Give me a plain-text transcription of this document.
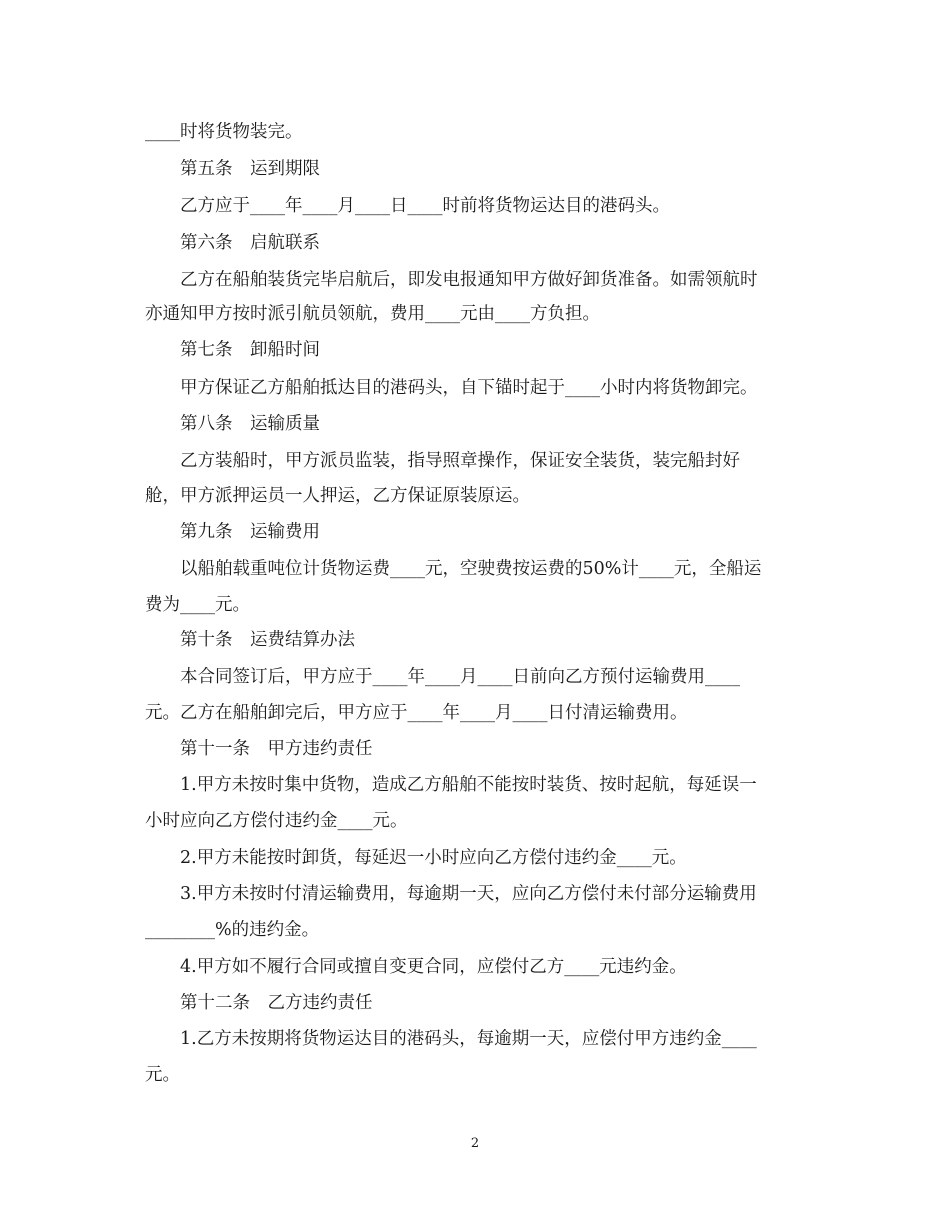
____时将货物装完。

第五条　运到期限

乙方应于____年____月____日____时前将货物运达目的港码头。

第六条　启航联系

乙方在船舶装货完毕启航后，即发电报通知甲方做好卸货准备。如需领航时

亦通知甲方按时派引航员领航，费用____元由____方负担。

第七条　卸船时间

甲方保证乙方船舶抵达目的港码头，自下锚时起于____小时内将货物卸完。

第八条　运输质量

乙方装船时，甲方派员监装，指导照章操作，保证安全装货，装完船封好

舱，甲方派押运员一人押运，乙方保证原装原运。

第九条　运输费用

以船舶载重吨位计货物运费____元，空驶费按运费的50%计____元，全船运

费为____元。

第十条　运费结算办法

本合同签订后，甲方应于____年____月____日前向乙方预付运输费用____

元。乙方在船舶卸完后，甲方应于____年____月____日付清运输费用。

第十一条　甲方违约责任

1.甲方未按时集中货物，造成乙方船舶不能按时装货、按时起航，每延误一

小时应向乙方偿付违约金____元。

2.甲方未能按时卸货，每延迟一小时应向乙方偿付违约金____元。

3.甲方未按时付清运输费用，每逾期一天，应向乙方偿付未付部分运输费用

________%的违约金。

4.甲方如不履行合同或擅自变更合同，应偿付乙方____元违约金。

第十二条　乙方违约责任

1.乙方未按期将货物运达目的港码头，每逾期一天，应偿付甲方违约金____

元。

2
